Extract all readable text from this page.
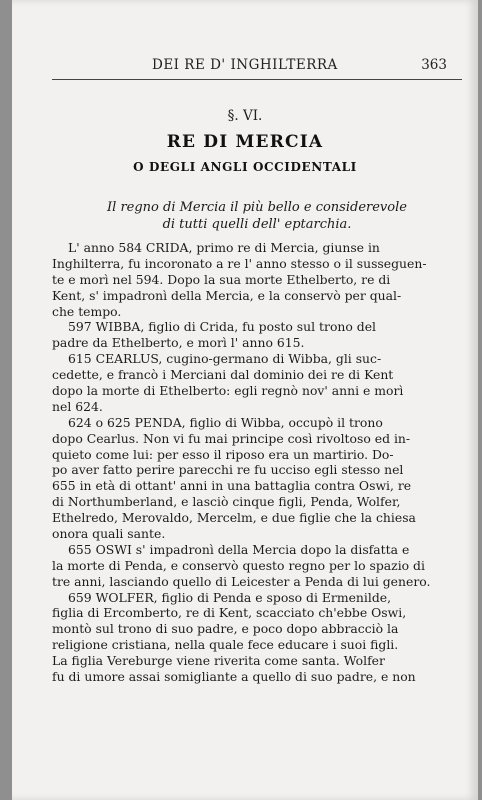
DEI RE D' INGHILTERRA	363
§. VI.
RE DI MERCIA
O DEGLI ANGLI OCCIDENTALI
Il regno di Mercia il più bello e considerevole
di tutti quelli dell' eptarchia.
L' anno 584 CRIDA, primo re di Mercia, giunse in
Inghilterra, fu incoronato a re l' anno stesso o il susseguen-
te e morì nel 594. Dopo la sua morte Ethelberto, re di
Kent, s' impadronì della Mercia, e la conservò per qual-
che tempo.
597 WIBBA, figlio di Crida, fu posto sul trono del
padre da Ethelberto, e morì l' anno 615.
615 CEARLUS, cugino-germano di Wibba, gli suc-
cedette, e francò i Merciani dal dominio dei re di Kent
dopo la morte di Ethelberto: egli regnò nov' anni e morì
nel 624.
624 o 625 PENDA, figlio di Wibba, occupò il trono
dopo Cearlus. Non vi fu mai principe così rivoltoso ed in-
quieto come lui: per esso il riposo era un martirio. Do-
po aver fatto perire parecchi re fu ucciso egli stesso nel
655 in età di ottant' anni in una battaglia contra Oswi, re
di Northumberland, e lasciò cinque figli, Penda, Wolfer,
Ethelredo, Merovaldo, Mercelm, e due figlie che la chiesa
onora quali sante.
655 OSWI s' impadronì della Mercia dopo la disfatta e
la morte di Penda, e conservò questo regno per lo spazio di
tre anni, lasciando quello di Leicester a Penda di lui genero.
659 WOLFER, figlio di Penda e sposo di Ermenilde,
figlia di Ercomberto, re di Kent, scacciato ch'ebbe Oswi,
montò sul trono di suo padre, e poco dopo abbracciò la
religione cristiana, nella quale fece educare i suoi figli.
La figlia Vereburge viene riverita come santa. Wolfer
fu di umore assai somigliante a quello di suo padre, e non
